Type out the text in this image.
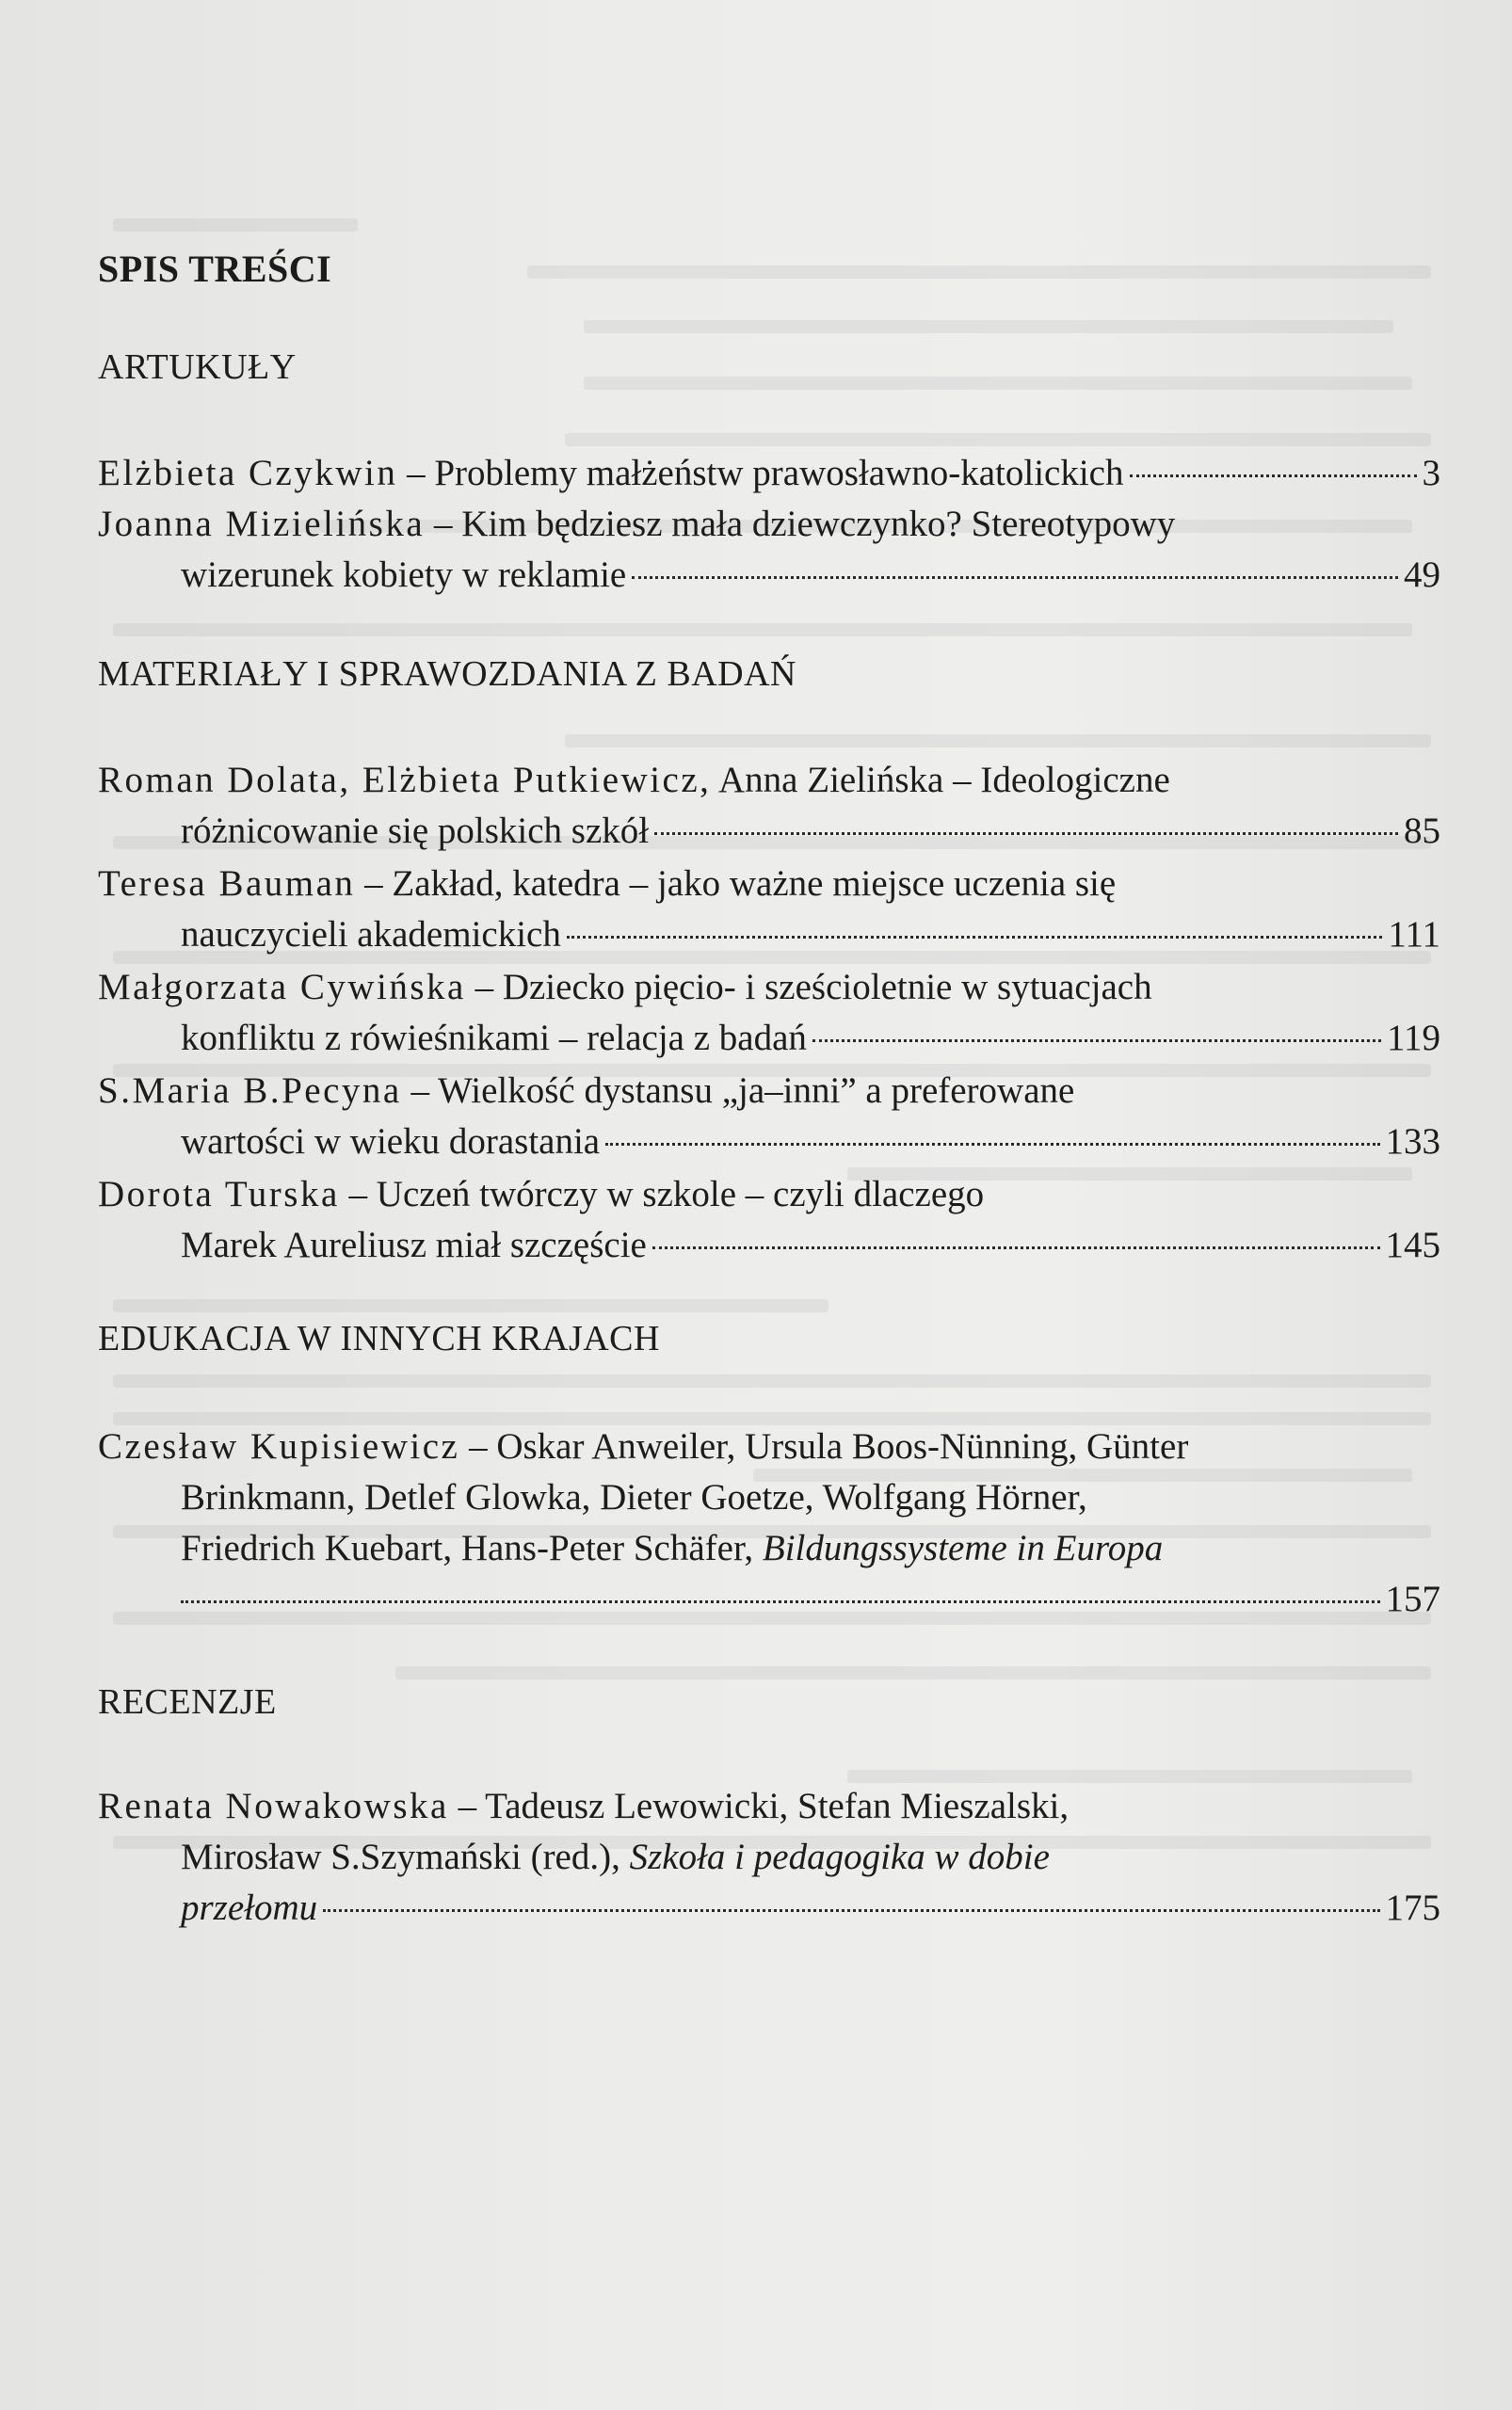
SPIS TREŚCI
ARTUKUŁY
Elżbieta Czykwin – Problemy małżeństw prawosławno-katolickich	3
Joanna Mizielińska – Kim będziesz mała dziewczynko? Stereotypowy
wizerunek kobiety w reklamie	49
MATERIAŁY I SPRAWOZDANIA Z BADAŃ
Roman Dolata, Elżbieta Putkiewicz, Anna Zielińska – Ideologiczne
różnicowanie się polskich szkół	85
Teresa Bauman – Zakład, katedra – jako ważne miejsce uczenia się
nauczycieli akademickich	111
Małgorzata Cywińska – Dziecko pięcio- i sześcioletnie w sytuacjach
konfliktu z rówieśnikami – relacja z badań	119
S.Maria B.Pecyna – Wielkość dystansu „ja–inni” a preferowane
wartości w wieku dorastania	133
Dorota Turska – Uczeń twórczy w szkole – czyli dlaczego
Marek Aureliusz miał szczęście	145
EDUKACJA W INNYCH KRAJACH
Czesław Kupisiewicz – Oskar Anweiler, Ursula Boos-Nünning, Günter
Brinkmann, Detlef Glowka, Dieter Goetze, Wolfgang Hörner,
Friedrich Kuebart, Hans-Peter Schäfer, Bildungssysteme in Europa
157
RECENZJE
Renata Nowakowska – Tadeusz Lewowicki, Stefan Mieszalski,
Mirosław S.Szymański (red.), Szkoła i pedagogika w dobie
przełomu	175
